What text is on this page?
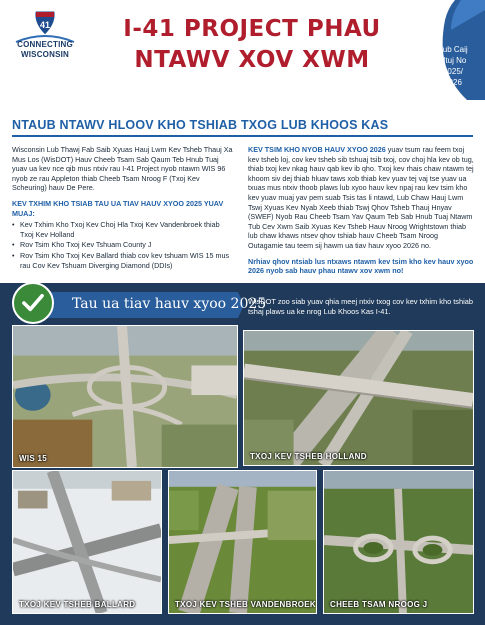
41
CONNECTING
WISCONSIN
I-41 PROJECT PHAU
NTAWV XOV XWM	Lub Caij
Ntuj No
2025/
2026
NTAUB NTAWV HLOOV KHO TSHIAB TXOG LUB KHOOS KAS
Wisconsin Lub Thawj Fab Saib Xyuas Hauj Lwm Kev Tsheb Thauj Xa Mus Los (WisDOT) Hauv Cheeb Tsam Sab Qaum Teb Hnub Tuaj yuav ua kev nce qib mus ntxiv rau I-41 Project nyob ntawm WIS 96 nyob ze rau Appleton thiab Cheeb Tsam Nroog F (Txoj Kev Scheuring) hauv De Pere.
KEV TXHIM KHO TSIAB TAU UA TIAV HAUV XYOO 2025 YUAV MUAJ:
• Kev Txhim Kho Txoj Kev Choj Hla Txoj Kev Vandenbroek thiab Txoj Kev Holland
• Rov Tsim Kho Txoj Kev Tshuam County J
• Rov Tsim Kho Txoj Kev Ballard thiab cov kev tshuam WIS 15 mus rau Cov Kev Tshuam Diverging Diamond (DDIs)
KEV TSIM KHO NYOB HAUV XYOO 2026 yuav tsum rau feem txoj kev tsheb loj, cov kev tsheb sib tshuaj tsib txoj, cov choj hla kev ob tug, thiab txoj kev nkag hauv qab kev ib qho. Txoj kev rhais chaw ntawm tej khoom siv dej thiab hluav taws xob thiab kev yuav tej vaj tse yuav ua txuas mus ntxiv thoob plaws lub xyoo hauv kev npaj rau kev tsim kho kev yuav muaj yav pem suab Tsis tas li ntawd, Lub Chaw Hauj Lwm Tswj Xyuas Kev Nyab Xeeb thiab Tswj Qhov Tsheb Thauj Hnyav (SWEF) Nyob Rau Cheeb Tsam Yav Qaum Teb Sab Hnub Tuaj Ntawm Tub Cev Xwm Saib Xyuas Kev Tsheb Hauv Nroog Wrightstown thiab lub chaw khaws ntsev qhov tshiab hauv Cheeb Tsam Nroog Outagamie tau teem sij hawm ua tiav hauv xyoo 2026 no.
Nrhiav qhov ntsiab lus ntxaws ntawm kev tsim kho kev hauv xyoo 2026 nyob sab hauv phau ntawv xov xwm no!
Tau ua tiav hauv xyoo 2025
WisDOT zoo siab yuav qhia meej ntxiv txog cov kev txhim kho tshiab tshaj plaws ua ke nrog Lub Khoos Kas I-41.
WIS 15	TXOJ KEV TSHEB HOLLAND
TXOJ KEV TSHEB BALLARD	TXOJ KEV TSHEB VANDENBROEK CHEEB TSAM NROOG J
